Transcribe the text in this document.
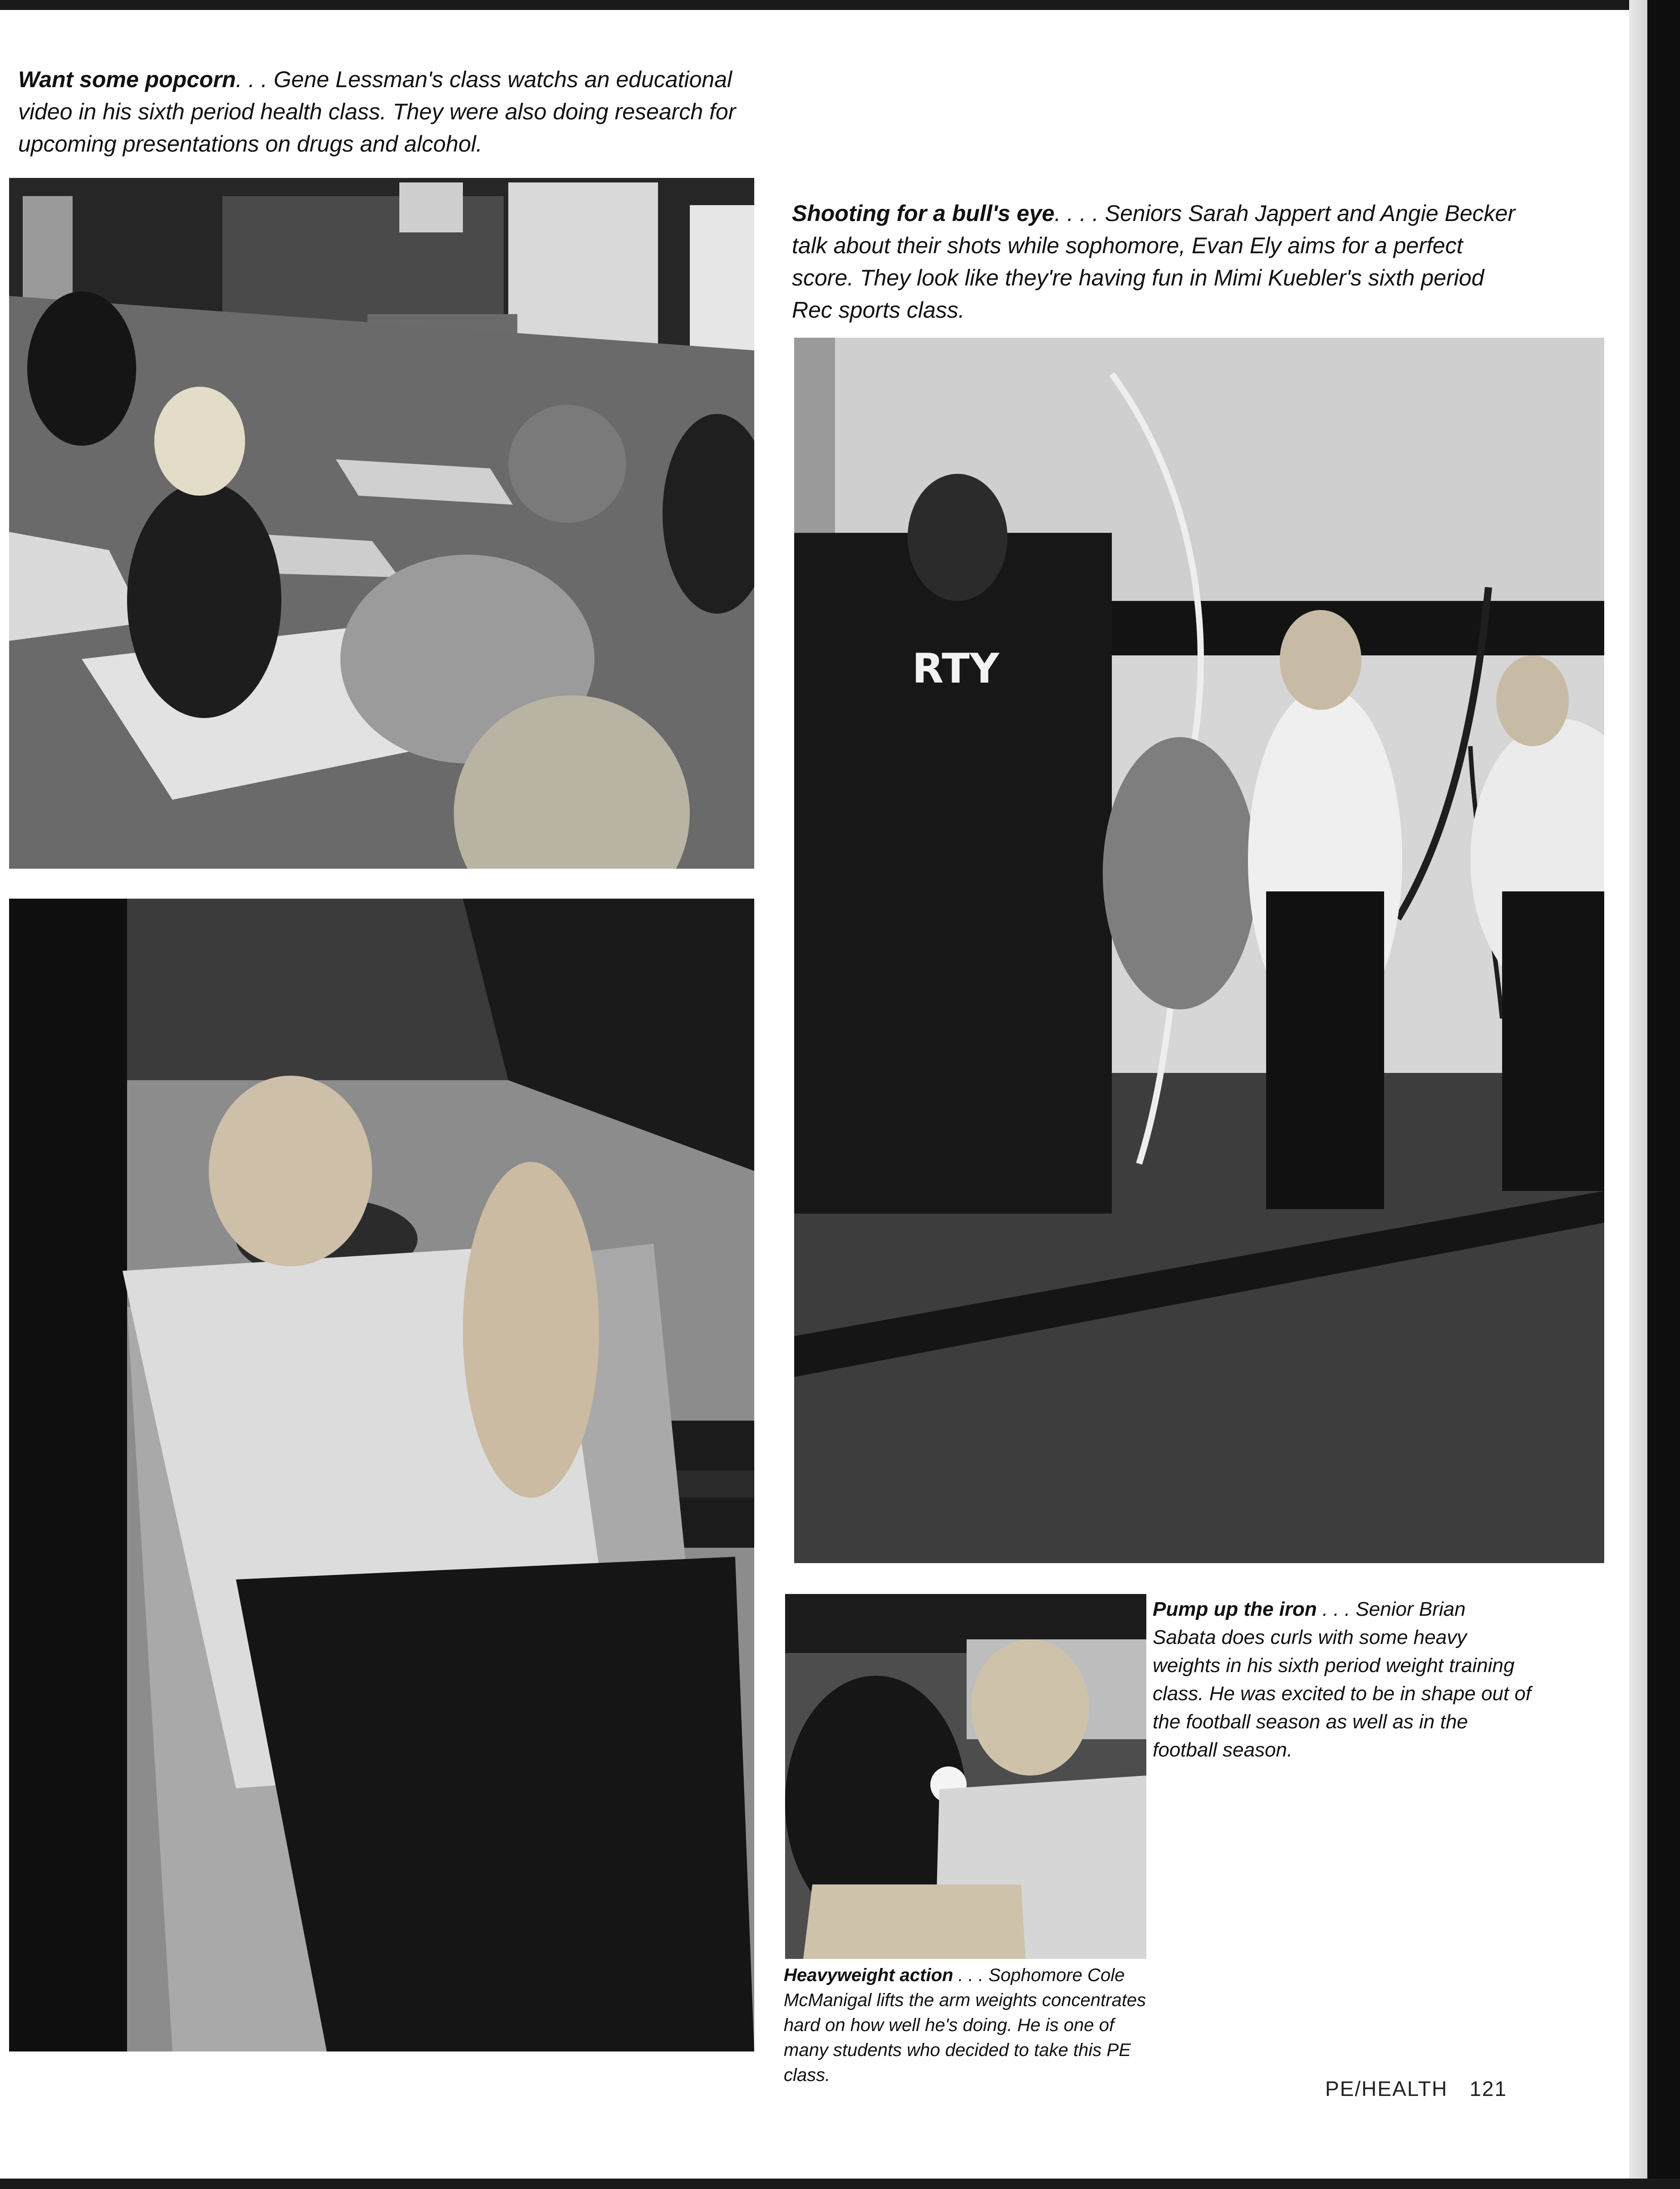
Want some popcorn. . . Gene Lessman's class watchs an educational video in his sixth period health class. They were also doing research for upcoming presentations on drugs and alcohol.

Shooting for a bull's eye. . . . Seniors Sarah Jappert and Angie Becker talk about their shots while sophomore, Evan Ely aims for a perfect score. They look like they're having fun in Mimi Kuebler's sixth period Rec sports class.

RTY

Pump up the iron . . . Senior Brian Sabata does curls with some heavy weights in his sixth period weight training class. He was excited to be in shape out of the football season as well as in the football season.

Heavyweight action . . . Sophomore Cole McManigal lifts the arm weights concentrates hard on how well he's doing. He is one of many students who decided to take this PE class.

PE/HEALTH 121
